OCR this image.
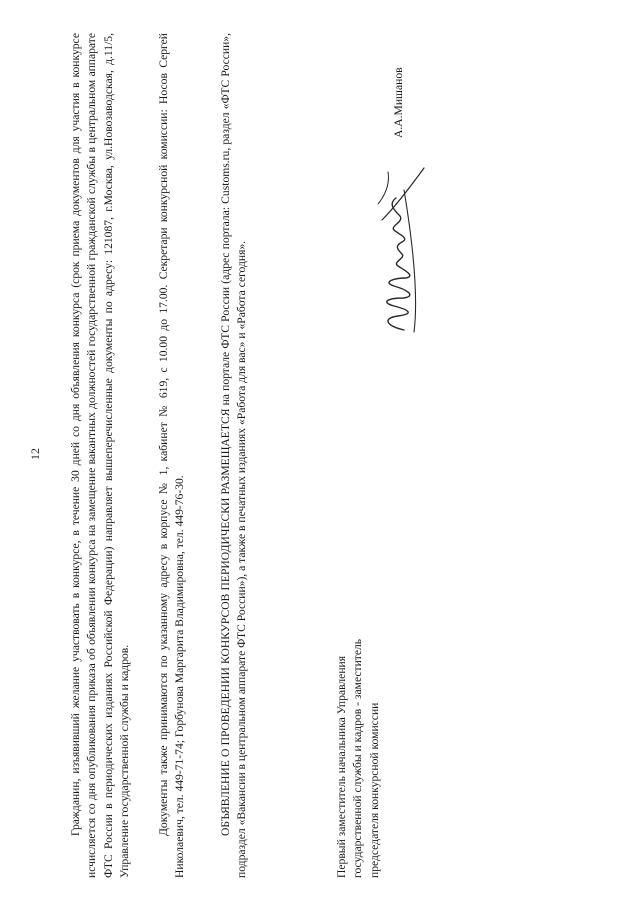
12 Гражданин, изъявивший желание участвовать в конкурсе, в течение 30 дней со дня объявления конкурса (срок приема документов для участия в конкурсе исчисляется со дня опубликования приказа об объявлении конкурса на замещение вакантных должностей государственной гражданской службы в центральном аппарате ФТС России в периодических изданиях Российской Федерации) направляет вышеперечисленные документы по адресу: 121087, г.Москва, ул.Новозаводская, д.11/5, Управление государственной службы и кадров. Документы также принимаются по указанному адресу в корпусе № 1, кабинет № 619, с 10.00 до 17.00. Секретари конкурсной комиссии: Носов Сергей Николаевич, тел. 449-71-74; Горбунова Маргарита Владимировна, тел. 449-76-30.	ОБЪЯВЛЕНИЕ О ПРОВЕДЕНИИ КОНКУРСОВ ПЕРИОДИЧЕСКИ РАЗМЕЩАЕТСЯ на портале ФТС России (адрес портала: Customs.ru, раздел «ФТС России», подраздел «Вакансии в центральном аппарате ФТС России»), а также в печатных изданиях «Работа для вас» и «Работа сегодня».	Первый заместитель начальника Управления государственной службы и кадров - заместитель председателя конкурсной комиссии
А.А.Мишанов
